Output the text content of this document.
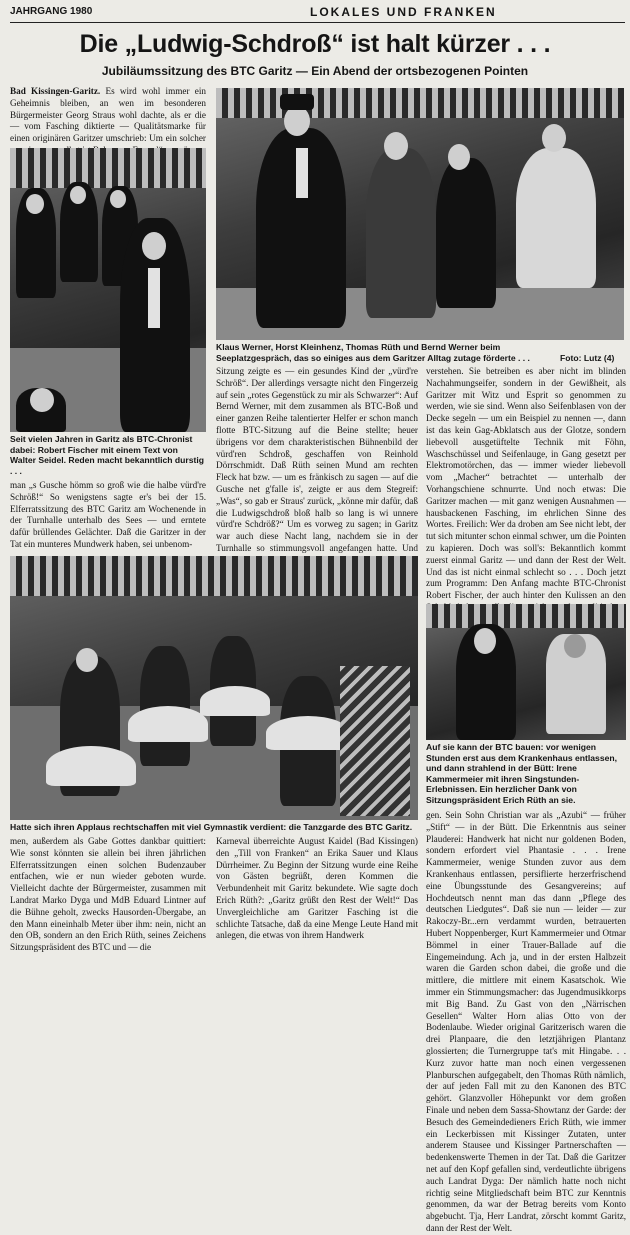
JAHRGANG 1980	LOKALES UND FRANKEN
Die „Ludwig-Schdroß“ ist halt kürzer . . .
Jubiläumssitzung des BTC Garitz — Ein Abend der ortsbezogenen Pointen
Bad Kissingen-Garitz. Es wird wohl immer ein Geheimnis bleiben, an wen im besonderen Bürgermeister Georg Straus wohl dachte, als er die — vom Fasching diktierte — Qualitätsmarke für einen originären Garitzer umschrieb: Um ein solcher
Seit vielen Jahren in Garitz als BTC-Chronist dabei: Robert Fischer mit einem Text von Walter Seidel. Reden macht bekanntlich durstig . . .
man „s Gusche hömm so groß wie die halbe vürd're Schröß!“ So wenigstens sagte er's bei der 15. Elferratssitzung des BTC Garitz am Wochenende in der Turnhalle unterhalb des Sees — und erntete dafür brüllendes Gelächter. Daß die Garitzer in der Tat ein munteres Mundwerk haben, sei unbenom-
Klaus Werner, Horst Kleinhenz, Thomas Rüth und Bernd Werner beim Seeplatzgespräch, das so einiges aus dem Garitzer Alltag zutage förderte . . .	Foto: Lutz (4)
Sitzung zeigte es — ein gesundes Kind der „vürd're Schröß“. Der allerdings versagte nicht den Fingerzeig auf sein „rotes Gegenstück zu mir als Schwarzer“: Auf Bernd Werner, mit dem zusammen als BTC-Boß und einer ganzen Reihe talentierter Helfer er schon manch flotte BTC-Sitzung auf die Beine stellte; heuer übrigens vor dem charakteristischen Bühnenbild der vürd'ren Schdroß, geschaffen von Reinhold Dörrschmidt. Daß Rüth seinen Mund am rechten Fleck hat bzw. — um es fränkisch zu sagen — auf die Gusche net g'falle is', zeigte er aus dem Stegreif: „Was“, so gab er Straus' zurück, „könne mir dafür, daß die Ludwigschdroß bloß halb so lang is wi unnere vürd're Schdröß?“ Um es vorweg zu sagen; in Garitz war auch diese Nacht lang, nachdem sie in der Turnhalle so stimmungsvoll angefangen hatte. Und
verstehen. Sie betreiben es aber nicht im blinden Nachahmungseifer, sondern in der Gewißheit, als Garitzer mit Witz und Esprit so genommen zu werden, wie sie sind. Wenn also Seifenblasen von der Decke segeln — um ein Beispiel zu nennen —, dann ist das kein Gag-Abklatsch aus der Glotze, sondern liebevoll ausgetüftelte Technik mit Föhn, Waschschüssel und Seifenlauge, in Gang gesetzt per Elektromotörchen, das — immer wieder liebevoll vom „Macher“ betrachtet — unterhalb der Vorhangschiene schnurrte. Und noch etwas: Die Garitzer machen — mit ganz wenigen Ausnahmen — hausbackenen Fasching, im ehrlichen Sinne des Wortes. Freilich: Wer da droben am See nicht lebt, der tut sich mitunter schon einmal schwer, um die Pointen zu kapieren. Doch was soll's: Bekanntlich kommt zuerst einmal Garitz — und dann der Rest der Welt. Und das ist nicht einmal schlecht so . . . Doch jetzt zum Programm: Den Anfang machte BTC-Chronist Robert Fischer, der auch hinter den Kulissen an den
Auf sie kann der BTC bauen: vor wenigen Stunden erst aus dem Krankenhaus entlassen, und dann strahlend in der Bütt: Irene Kammermeier mit ihren Singstunden-Erlebnissen. Ein herzlicher Dank von Sitzungspräsident Erich Rüth an sie.
Hatte sich ihren Applaus rechtschaffen mit viel Gymnastik verdient: die Tanzgarde des BTC Garitz.
men, außerdem als Gabe Gottes dankbar quittiert: Wie sonst könnten sie allein bei ihren jährlichen Elferratssitzungen einen solchen Budenzauber entfachen, wie er nun wieder geboten wurde. Vielleicht dachte der Bürgermeister, zusammen mit Landrat Marko Dyga und MdB Eduard Lintner auf die Bühne geholt, zwecks Hausorden-Übergabe, an den Mann eineinhalb Meter über ihm: nein, nicht an den OB, sondern an den Erich Rüth, seines Zeichens Sitzungspräsident des BTC und — die
Karneval überreichte August Kaidel (Bad Kissingen) den „Till von Franken“ an Erika Sauer und Klaus Dürrheimer. Zu Beginn der Sitzung wurde eine Reihe von Gästen begrüßt, deren Kommen die Verbundenheit mit Garitz bekundete. Wie sagte doch Erich Rüth?: „Garitz grüßt den Rest der Welt!“ Das Unvergleichliche am Garitzer Fasching ist die schlichte Tatsache, daß da eine Menge Leute Hand mit anlegen, die etwas von ihrem Handwerk
gen. Sein Sohn Christian war als „Azubi“ — früher „Stift“ — in der Bütt. Die Erkenntnis aus seiner Plauderei: Handwerk hat nicht nur goldenen Boden, sondern erfordert viel Phantasie . . . Irene Kammermeier, wenige Stunden zuvor aus dem Krankenhaus entlassen, persiflierte herzerfrischend eine Übungsstunde des Gesangvereins; auf Hochdeutsch nennt man das dann „Pflege des deutschen Liedgutes“. Daß sie nun — leider — zur Rakoczy-Br...ern verdammt wurden, betrauerten Hubert Noppenberger, Kurt Kammermeier und Otmar Bömmel in einer Trauer-Ballade auf die Eingemeindung. Ach ja, und in der ersten Halbzeit waren die Garden schon dabei, die große und die mittlere, die mittlere mit einem Kasatschok. Wie immer ein Stimmungsmacher: das Jugendmusikkorps mit Big Band. Zu Gast von den „Närrischen Gesellen“ Walter Horn alias Otto von der Bodenlaube. Wieder original Garitzerisch waren die drei Planpaare, die den letztjährigen Plantanz glossierten; die Turnergruppe tat's mit Hingabe. . . Kurz zuvor hatte man noch einen vergessenen Planburschen aufgegabelt, den Thomas Rüth nämlich, der auf jeden Fall mit zu den Kanonen des BTC gehört. Glanzvoller Höhepunkt vor dem großen Finale und neben dem Sassa-Showtanz der Garde: der Besuch des Gemeindedieners Erich Rüth, wie immer ein Leckerbissen mit Kissinger Zutaten, unter anderem Stausee und Kissinger Partnerschaften — bedenkenswerte Themen in der Tat. Daß die Garitzer net auf den Kopf gefallen sind, verdeutlichte übrigens auch Landrat Dyga: Der nämlich hatte noch nicht richtig seine Mitgliedschaft beim BTC zur Kenntnis genommen, da war der Betrag bereits vom Konto abgebucht. Tja, Herr Landrat, zörscht kommt Garitz, dann der Rest der Welt.
